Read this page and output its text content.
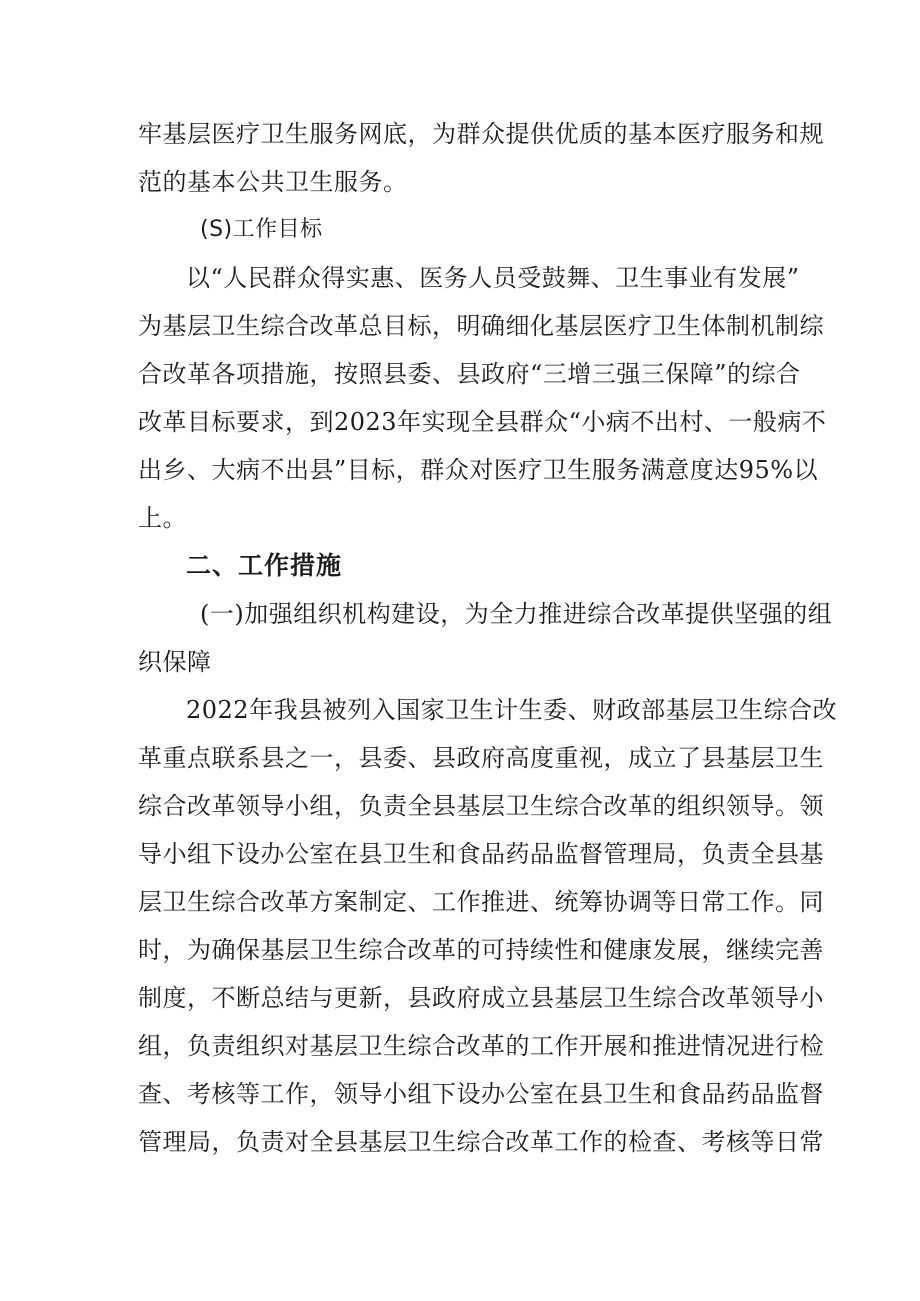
牢基层医疗卫生服务网底，为群众提供优质的基本医疗服务和规
范的基本公共卫生服务。
(S)工作目标
以“人民群众得实惠、医务人员受鼓舞、卫生事业有发展”
为基层卫生综合改革总目标，明确细化基层医疗卫生体制机制综
合改革各项措施，按照县委、县政府“三增三强三保障”的综合
改革目标要求，到2023年实现全县群众“小病不出村、一般病不
出乡、大病不出县”目标，群众对医疗卫生服务满意度达95%以
上。
二、工作措施
(一)加强组织机构建设，为全力推进综合改革提供坚强的组
织保障
2022年我县被列入国家卫生计生委、财政部基层卫生综合改
革重点联系县之一，县委、县政府高度重视，成立了县基层卫生
综合改革领导小组，负责全县基层卫生综合改革的组织领导。领
导小组下设办公室在县卫生和食品药品监督管理局，负责全县基
层卫生综合改革方案制定、工作推进、统筹协调等日常工作。同
时，为确保基层卫生综合改革的可持续性和健康发展，继续完善
制度，不断总结与更新，县政府成立县基层卫生综合改革领导小
组，负责组织对基层卫生综合改革的工作开展和推进情况进行检
查、考核等工作，领导小组下设办公室在县卫生和食品药品监督
管理局，负责对全县基层卫生综合改革工作的检查、考核等日常
